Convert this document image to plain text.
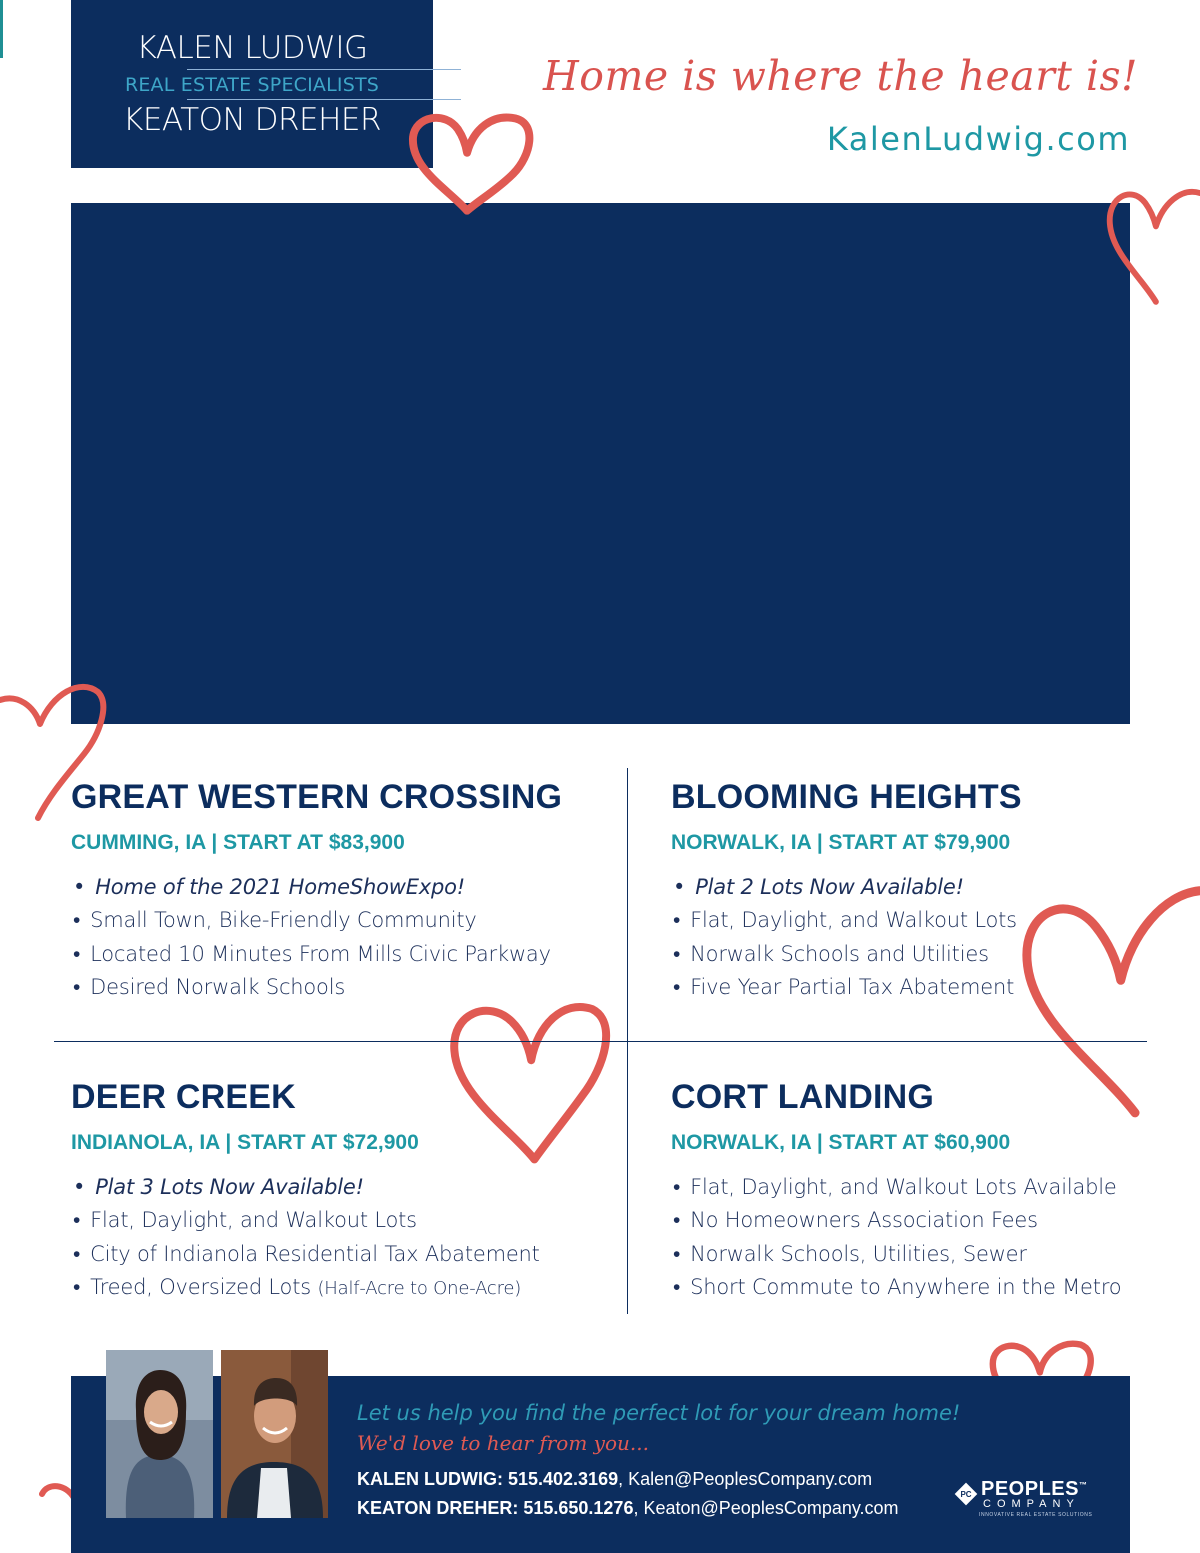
KALEN LUDWIG
REAL ESTATE SPECIALISTS
KEATON DREHER
Home is where the heart is!
KalenLudwig.com
GREAT WESTERN CROSSING
CUMMING, IA | START AT $83,900
• Home of the 2021 HomeShowExpo!
• Small Town, Bike-Friendly Community
• Located 10 Minutes From Mills Civic Parkway
• Desired Norwalk Schools
BLOOMING HEIGHTS
NORWALK, IA | START AT $79,900
• Plat 2 Lots Now Available!
• Flat, Daylight, and Walkout Lots
• Norwalk Schools and Utilities
• Five Year Partial Tax Abatement
DEER CREEK
INDIANOLA, IA | START AT $72,900
• Plat 3 Lots Now Available!
• Flat, Daylight, and Walkout Lots
• City of Indianola Residential Tax Abatement
• Treed, Oversized Lots (Half-Acre to One-Acre)
CORT LANDING
NORWALK, IA | START AT $60,900
• Flat, Daylight, and Walkout Lots Available
• No Homeowners Association Fees
• Norwalk Schools, Utilities, Sewer
• Short Commute to Anywhere in the Metro
Let us help you find the perfect lot for your dream home!
We'd love to hear from you...
KALEN LUDWIG: 515.402.3169, Kalen@PeoplesCompany.com
KEATON DREHER: 515.650.1276, Keaton@PeoplesCompany.com
PC PEOPLES™
COMPANY
INNOVATIVE REAL ESTATE SOLUTIONS
